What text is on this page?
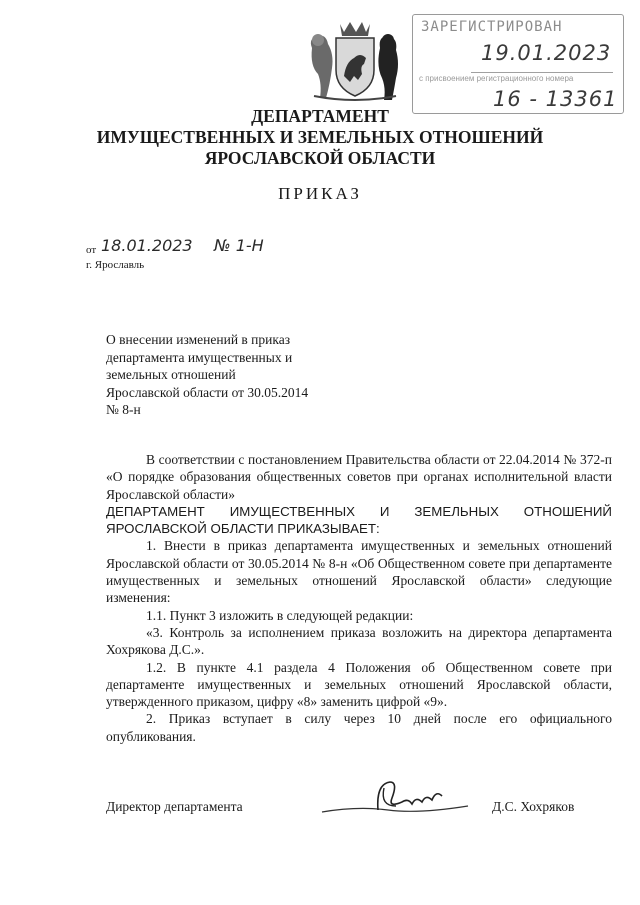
ЗАРЕГИСТРИРОВАН
19.01.2023
с присвоением регистрационного номера
16 - 13361
ДЕПАРТАМЕНТ
ИМУЩЕСТВЕННЫХ И ЗЕМЕЛЬНЫХ ОТНОШЕНИЙ
ЯРОСЛАВСКОЙ ОБЛАСТИ
ПРИКАЗ
от 18.01.2023 № 1-Н
г. Ярославль
О внесении изменений в приказ
департамента имущественных и
земельных отношений
Ярославской области от 30.05.2014
№ 8-н

В соответствии с постановлением Правительства области от 22.04.2014 № 372-п «О порядке образования общественных советов при органах исполнительной власти Ярославской области»

ДЕПАРТАМЕНТ ИМУЩЕСТВЕННЫХ И ЗЕМЕЛЬНЫХ ОТНОШЕНИЙ ЯРОСЛАВСКОЙ ОБЛАСТИ ПРИКАЗЫВАЕТ:

1. Внести в приказ департамента имущественных и земельных отношений Ярославской области от 30.05.2014 № 8-н «Об Общественном совете при департаменте имущественных и земельных отношений Ярославской области» следующие изменения:

1.1. Пункт 3 изложить в следующей редакции:

«3. Контроль за исполнением приказа возложить на директора департамента Хохрякова Д.С.».

1.2. В пункте 4.1 раздела 4 Положения об Общественном совете при департаменте имущественных и земельных отношений Ярославской области, утвержденного приказом, цифру «8» заменить цифрой «9».

2. Приказ вступает в силу через 10 дней после его официального опубликования.

Директор департамента	Д.С. Хохряков
